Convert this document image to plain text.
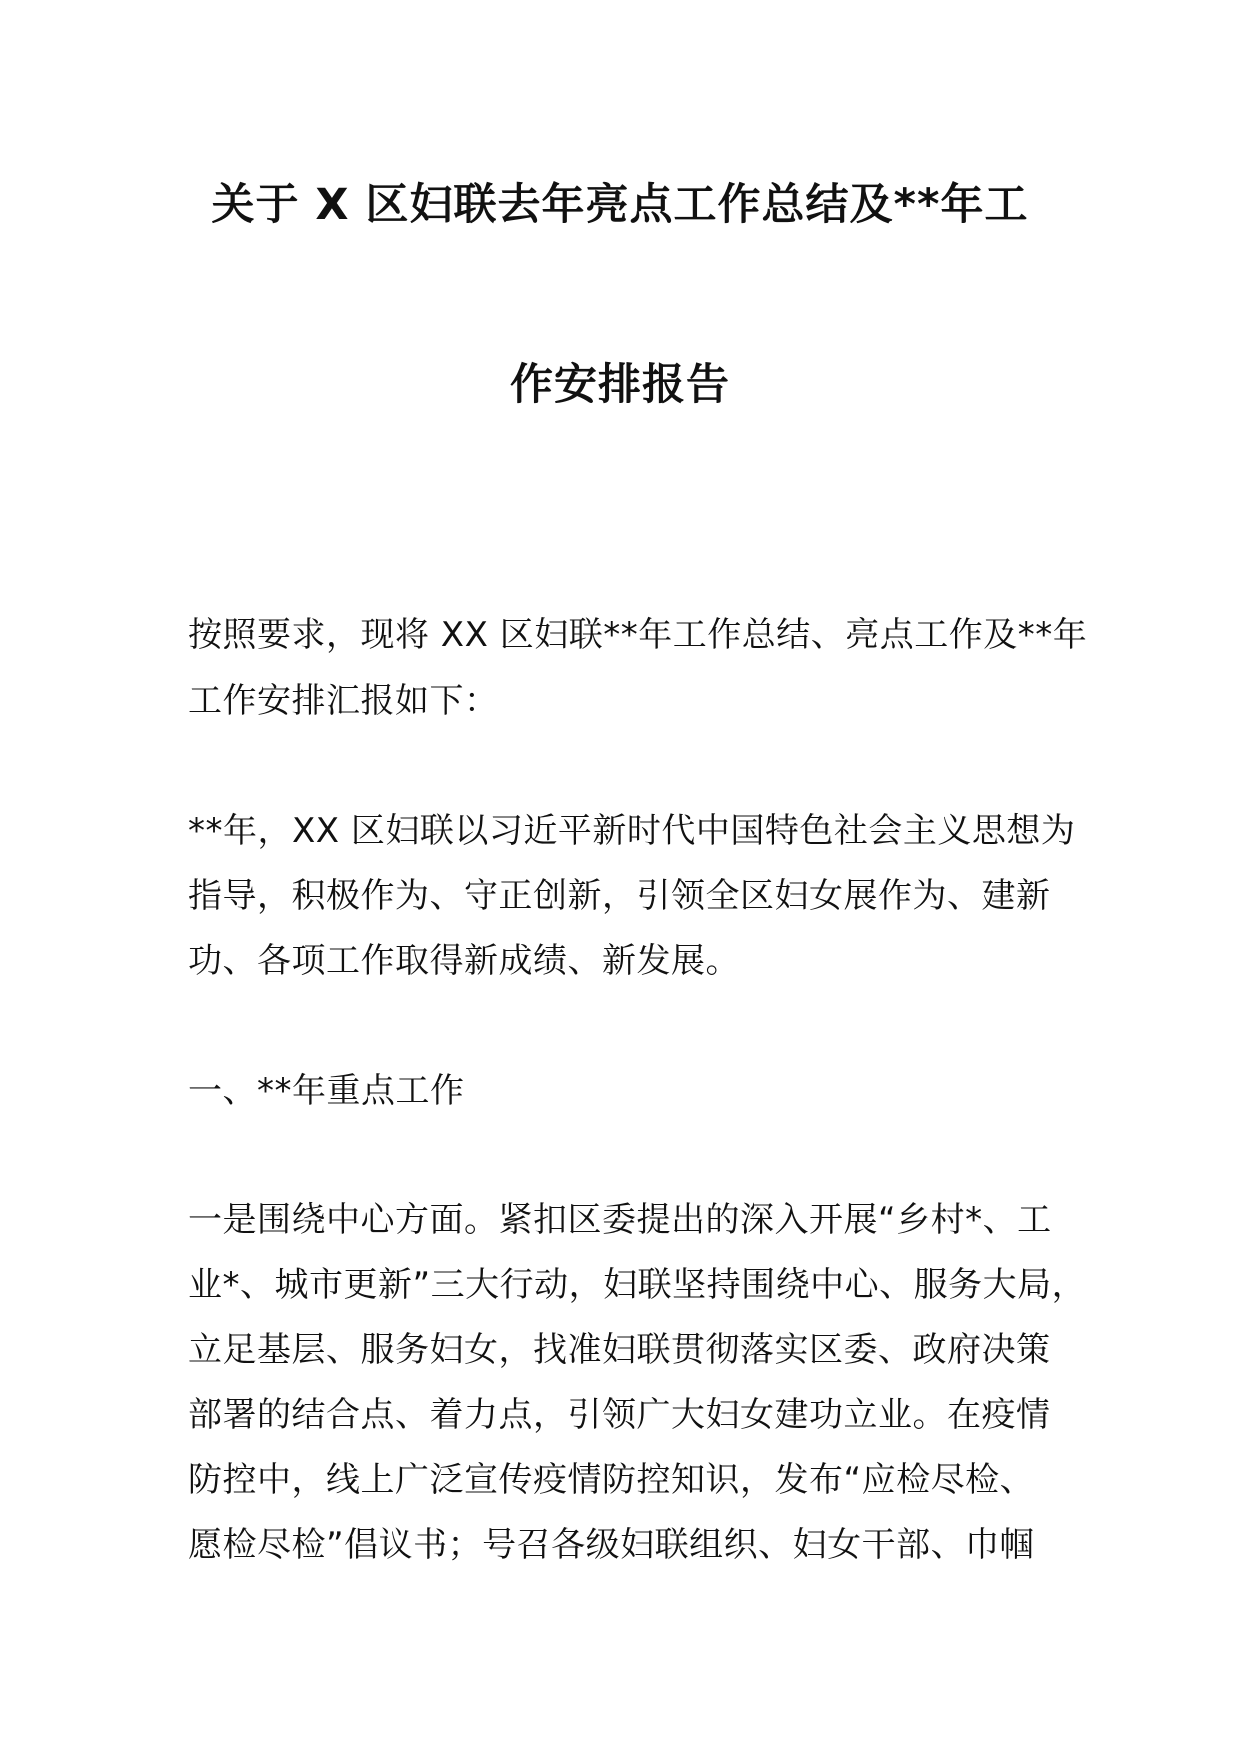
关于 X 区妇联去年亮点工作总结及**年工
作安排报告
按照要求，现将 XX 区妇联**年工作总结、亮点工作及**年
工作安排汇报如下：
**年，XX 区妇联以习近平新时代中国特色社会主义思想为
指导，积极作为、守正创新，引领全区妇女展作为、建新
功、各项工作取得新成绩、新发展。
一、**年重点工作
一是围绕中心方面。紧扣区委提出的深入开展“乡村*、工
业*、城市更新”三大行动，妇联坚持围绕中心、服务大局，
立足基层、服务妇女，找准妇联贯彻落实区委、政府决策
部署的结合点、着力点，引领广大妇女建功立业。在疫情
防控中，线上广泛宣传疫情防控知识，发布“应检尽检、
愿检尽检”倡议书；号召各级妇联组织、妇女干部、巾帼
